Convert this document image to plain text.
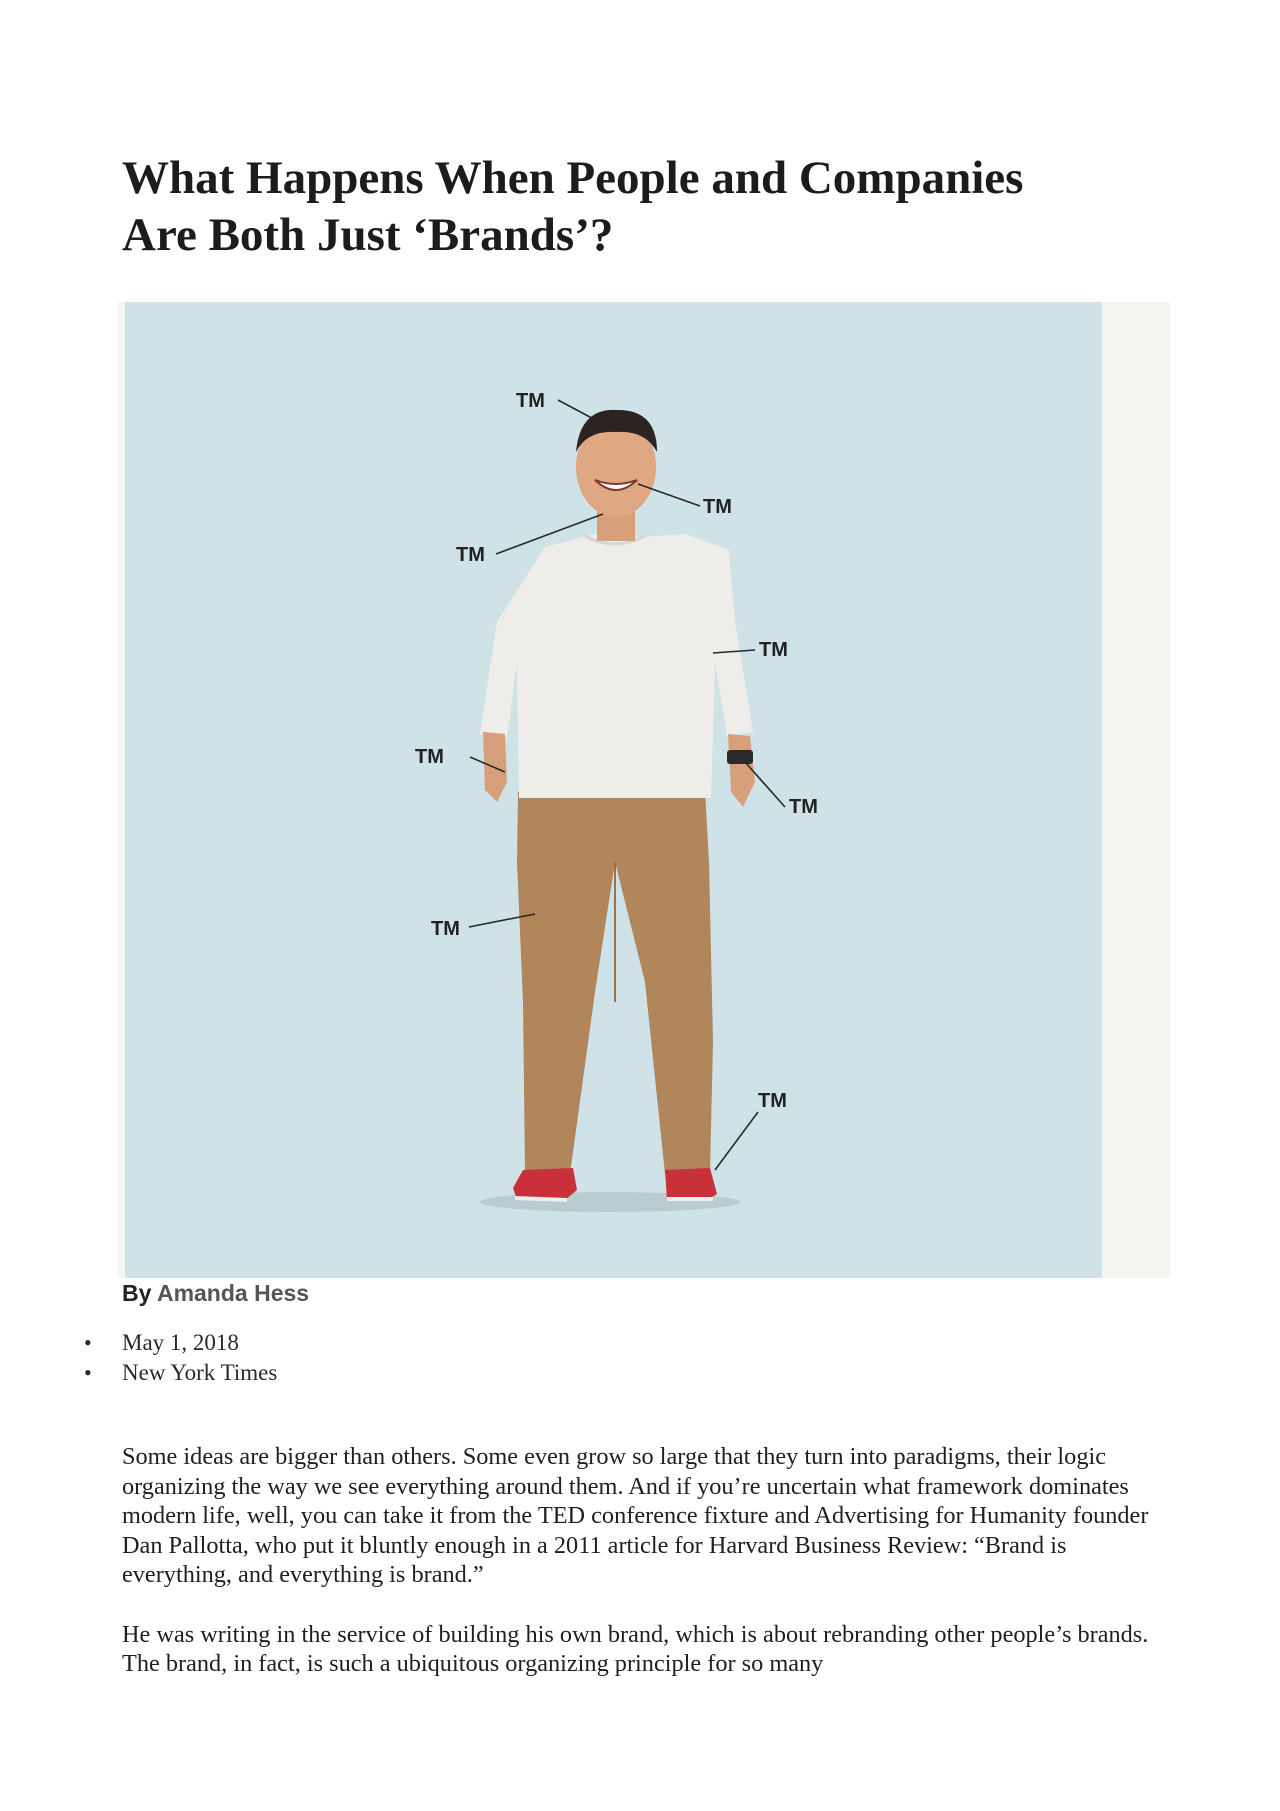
What Happens When People and Companies
Are Both Just ‘Brands’?
TM
TM
TM
TM
TM
TM
TM
TM
By Amanda Hess
• May 1, 2018
• New York Times

Some ideas are bigger than others. Some even grow so large that they turn into paradigms, their logic organizing the way we see everything around them. And if you’re uncertain what framework dominates modern life, well, you can take it from the TED conference fixture and Advertising for Humanity founder Dan Pallotta, who put it bluntly enough in a 2011 article for Harvard Business Review: “Brand is everything, and everything is brand.”

He was writing in the service of building his own brand, which is about rebranding other people’s brands. The brand, in fact, is such a ubiquitous organizing principle for so many
